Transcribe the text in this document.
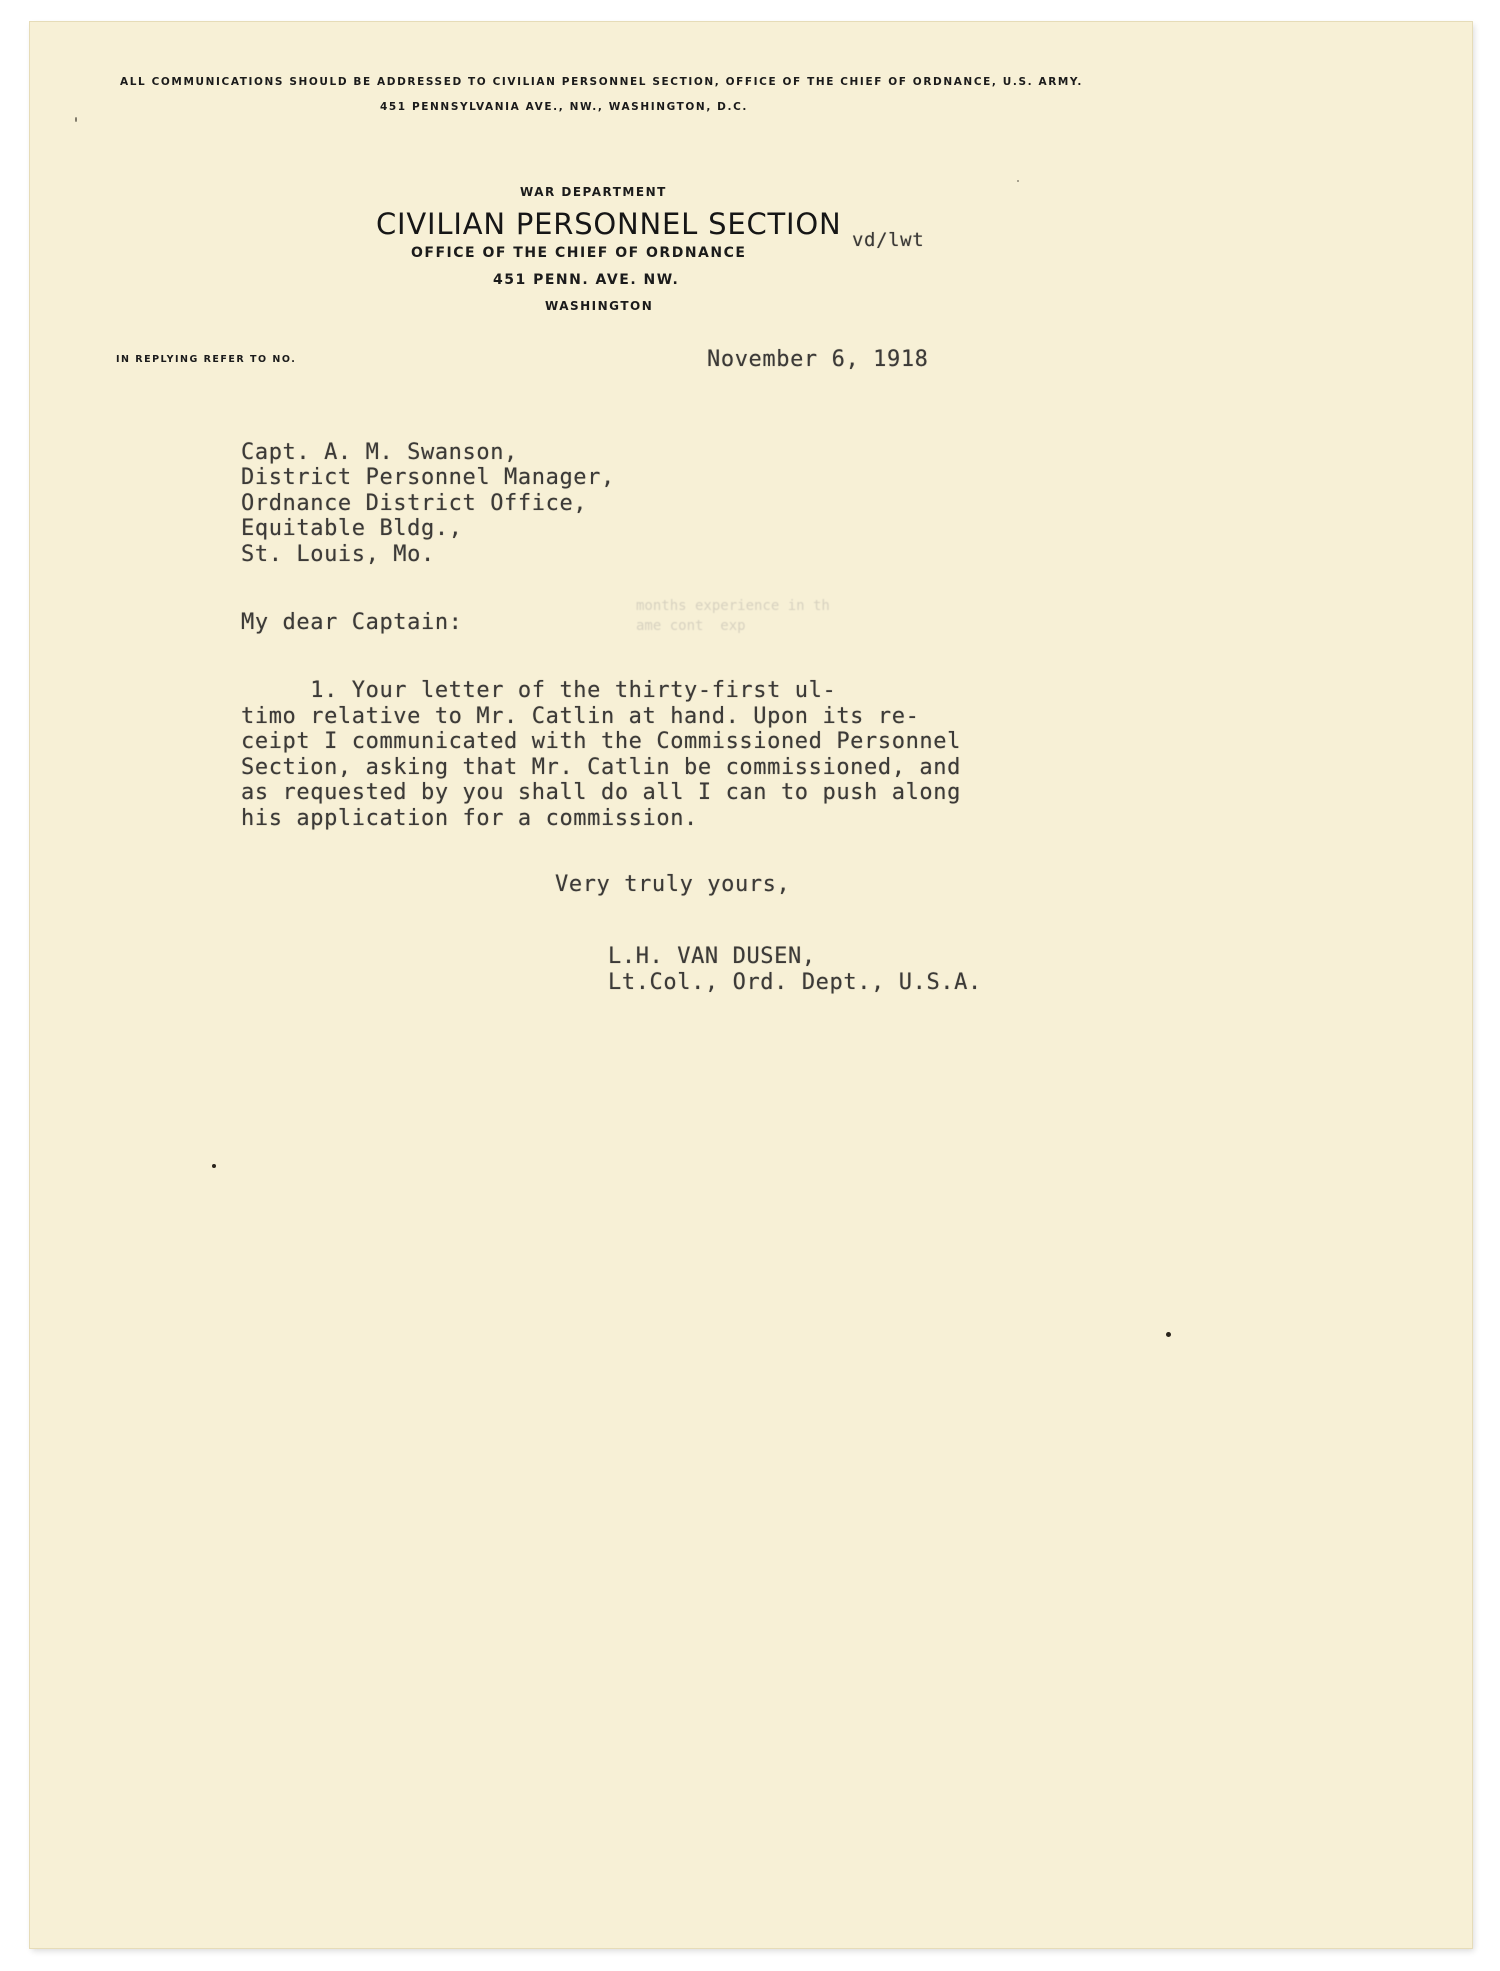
ALL COMMUNICATIONS SHOULD BE ADDRESSED TO CIVILIAN PERSONNEL SECTION, OFFICE OF THE CHIEF OF ORDNANCE, U.S. ARMY.
451 PENNSYLVANIA AVE., NW., WASHINGTON, D.C.
WAR DEPARTMENT
CIVILIAN PERSONNEL SECTION
OFFICE OF THE CHIEF OF ORDNANCE
451 PENN. AVE. NW.
WASHINGTON
IN REPLYING REFER TO NO.
vd/lwt
November 6, 1918
Capt. A. M. Swanson,
District Personnel Manager,
Ordnance District Office,
Equitable Bldg.,
St. Louis, Mo.
My dear Captain:
months experience in th
ame cont  exp
1. Your letter of the thirty-first ul-
timo relative to Mr. Catlin at hand. Upon its re-
ceipt I communicated with the Commissioned Personnel
Section, asking that Mr. Catlin be commissioned, and
as requested by you shall do all I can to push along
his application for a commission.
Very truly yours,
L.H. VAN DUSEN,
Lt.Col., Ord. Dept., U.S.A.
